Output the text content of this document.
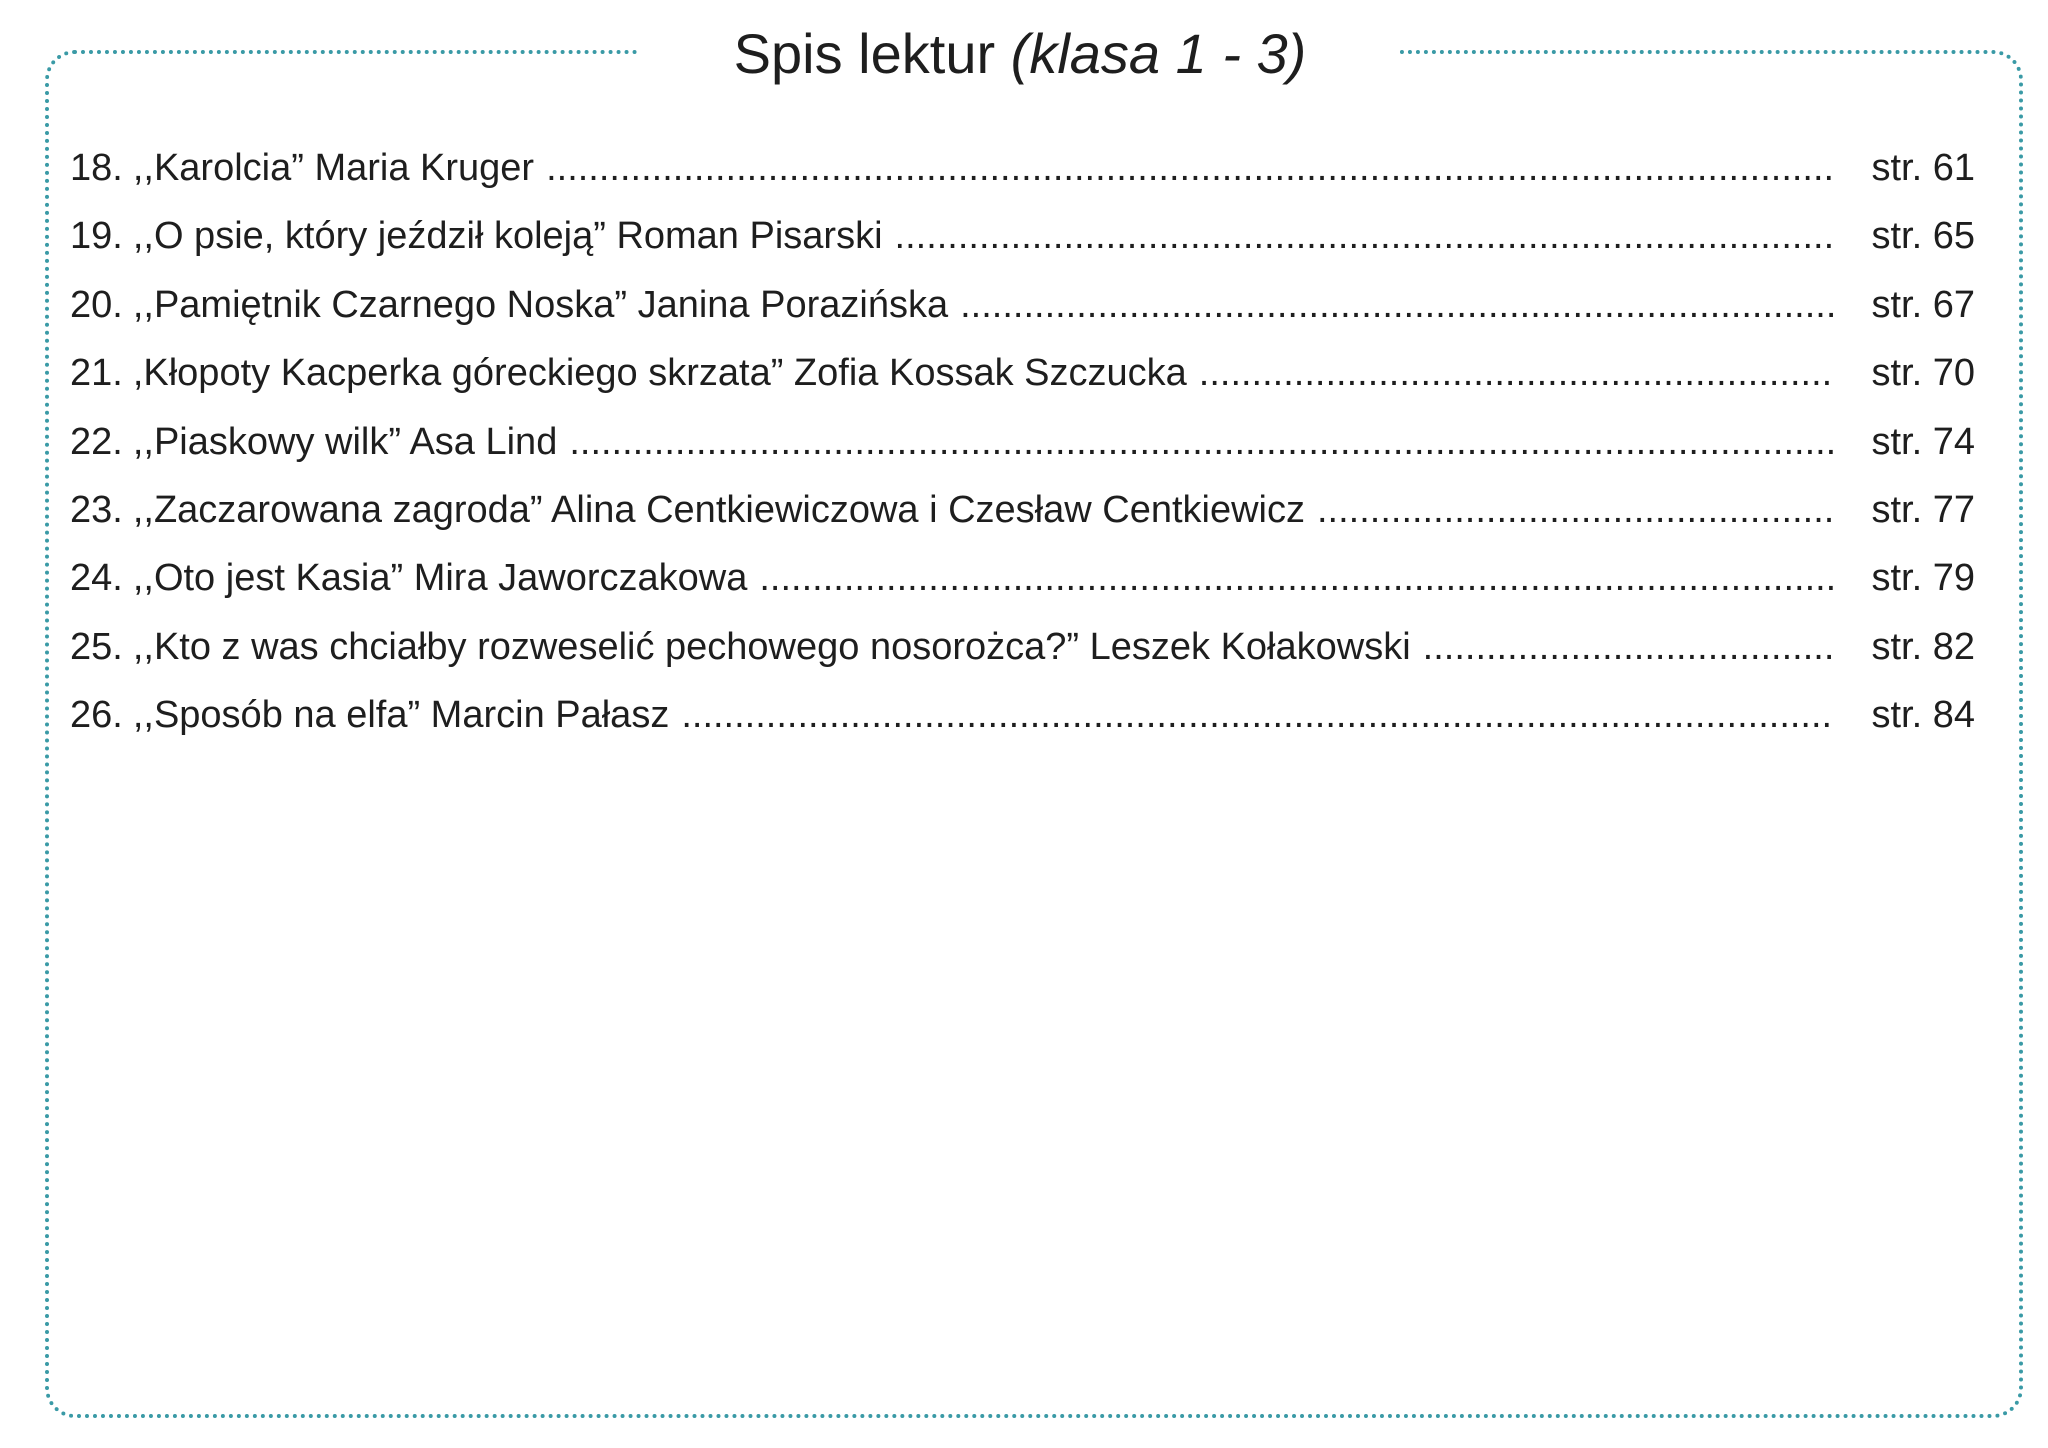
Spis lektur (klasa 1 - 3)
18. ,,Karolcia” Maria Kruger .....	str. 61
19. ,,O psie, który jeździł koleją” Roman Pisarski .....	str. 65
20. ,,Pamiętnik Czarnego Noska” Janina Porazińska .....	str. 67
21. ,Kłopoty Kacperka góreckiego skrzata” Zofia Kossak Szczucka .....	str. 70
22. ,,Piaskowy wilk” Asa Lind .....	str. 74
23. ,,Zaczarowana zagroda” Alina Centkiewiczowa i Czesław Centkiewicz .....	str. 77
24. ,,Oto jest Kasia” Mira Jaworczakowa .....	str. 79
25. ,,Kto z was chciałby rozweselić pechowego nosorożca?” Leszek Kołakowski .....	str. 82
26. ,,Sposób na elfa” Marcin Pałasz .....	str. 84
